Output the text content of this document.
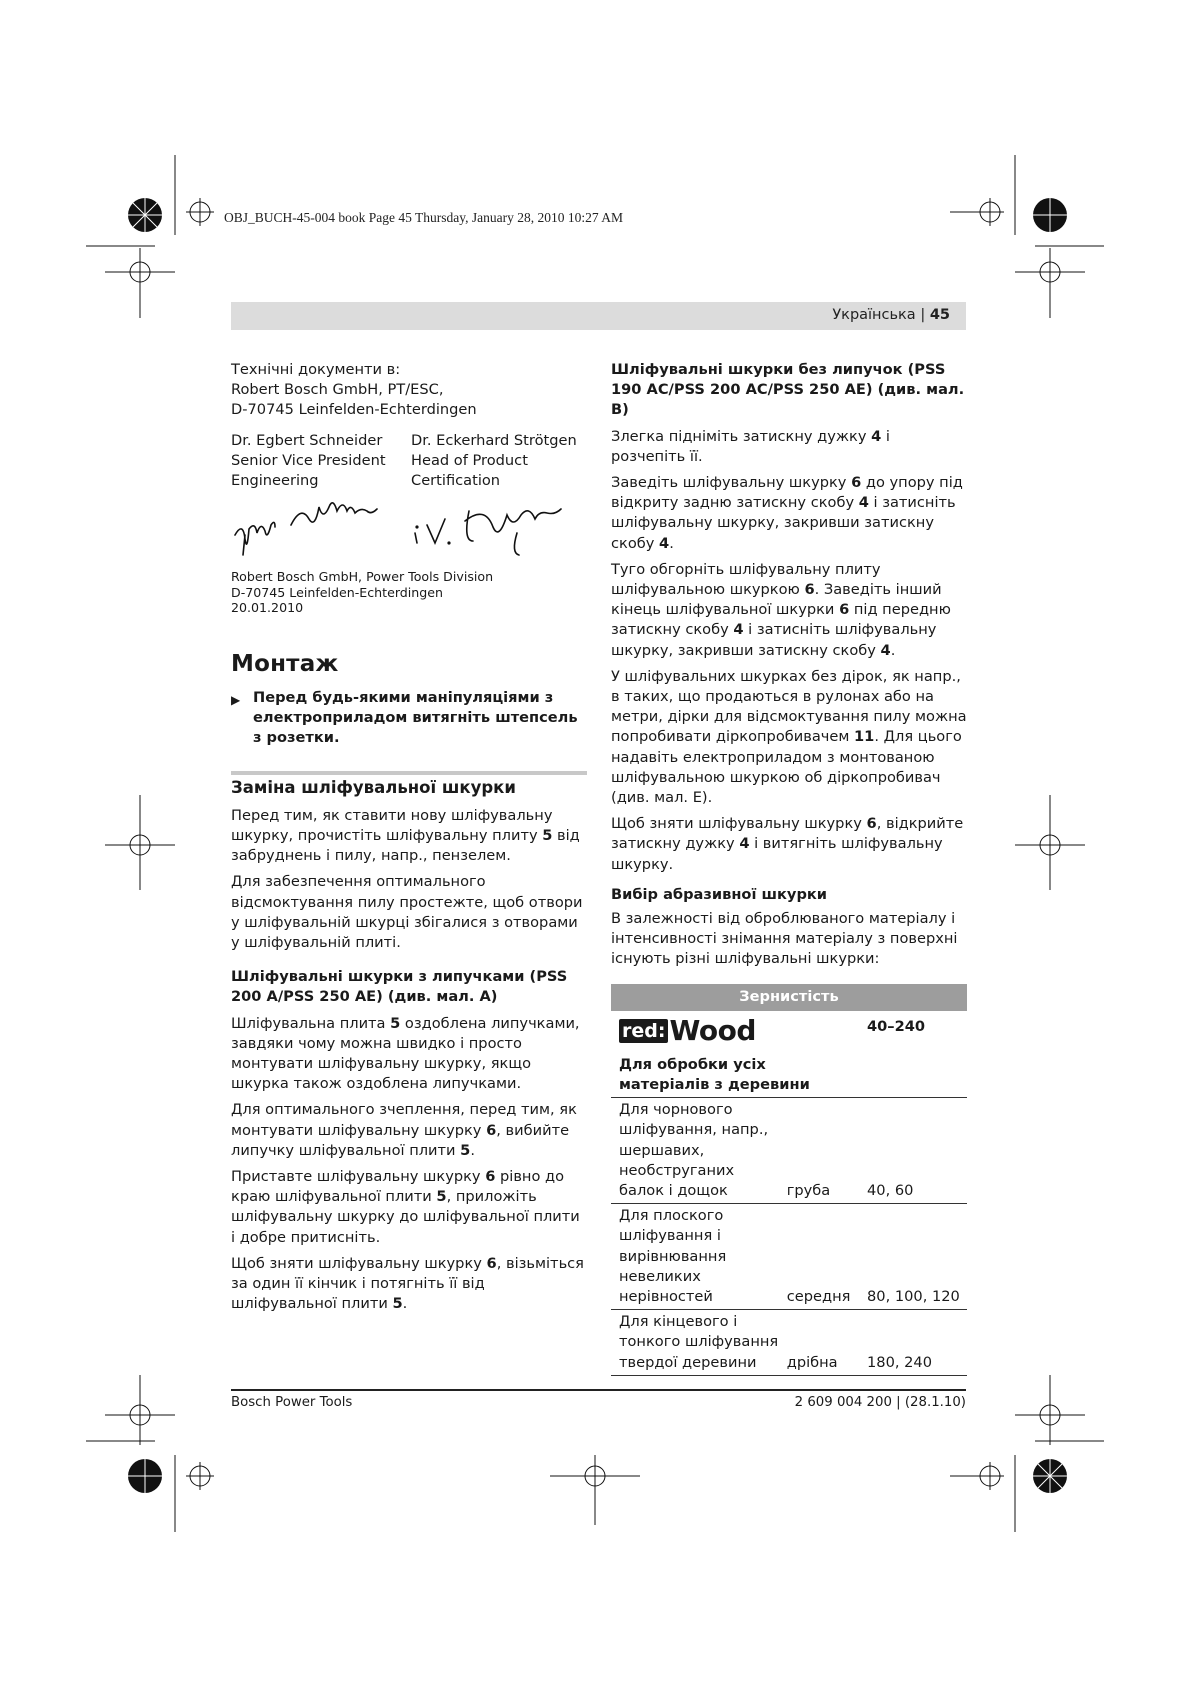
OBJ_BUCH-45-004 book Page 45 Thursday, January 28, 2010 10:27 AM
Українська | 45
Технічні документи в:
Robert Bosch GmbH, PT/ESC,
D-70745 Leinfelden-Echterdingen
Dr. Egbert Schneider
Senior Vice President
Engineering
Dr. Eckerhard Strötgen
Head of Product
Certification
Robert Bosch GmbH, Power Tools Division
D-70745 Leinfelden-Echterdingen
20.01.2010
Монтаж
▶ Перед будь-якими маніпуляціями з електроприладом витягніть штепсель з розетки.
Заміна шліфувальної шкурки

Перед тим, як ставити нову шліфувальну шкурку, прочистіть шліфувальну плиту 5 від забруднень і пилу, напр., пензелем.

Для забезпечення оптимального відсмоктування пилу простежте, щоб отвори у шліфувальній шкурці збігалися з отворами у шліфувальній плиті.

Шліфувальні шкурки з липучками (PSS 200 A/PSS 250 AE) (див. мал. A)

Шліфувальна плита 5 оздоблена липучками, завдяки чому можна швидко і просто монтувати шліфувальну шкурку, якщо шкурка також оздоблена липучками.

Для оптимального зчеплення, перед тим, як монтувати шліфувальну шкурку 6, вибийте липучку шліфувальної плити 5.

Приставте шліфувальну шкурку 6 рівно до краю шліфувальної плити 5, приложіть шліфувальну шкурку до шліфувальної плити і добре притисніть.

Щоб зняти шліфувальну шкурку 6, візьміться за один її кінчик і потягніть її від шліфувальної плити 5.

Шліфувальні шкурки без липучок (PSS 190 AC/PSS 200 AC/PSS 250 AE) (див. мал. B)

Злегка підніміть затискну дужку 4 і розчепіть її.

Заведіть шліфувальну шкурку 6 до упору під відкриту задню затискну скобу 4 і затисніть шліфувальну шкурку, закривши затискну скобу 4.

Туго обгорніть шліфувальну плиту шліфувальною шкуркою 6. Заведіть інший кінець шліфувальної шкурки 6 під передню затискну скобу 4 і затисніть шліфувальну шкурку, закривши затискну скобу 4.

У шліфувальних шкурках без дірок, як напр., в таких, що продаються в рулонах або на метри, дірки для відсмоктування пилу можна попробивати діркопробивачем 11. Для цього надавіть електроприладом з монтованою шліфувальною шкуркою об діркопробивач (див. мал. E).

Щоб зняти шліфувальну шкурку 6, відкрийте затискну дужку 4 і витягніть шліфувальну шкурку.

Вибір абразивної шкурки

В залежності від оброблюваного матеріалу і інтенсивності знімання матеріалу з поверхні існують різні шліфувальні шкурки:

Зернистість		

red: Wood
Для обробки усіх матеріалів з деревини		40–240
Для чорнового шліфування, напр., шершавих, необструганих балок і дощок	груба	40, 60
Для плоского шліфування і вирівнювання невеликих нерівностей	середня	80, 100, 120
Для кінцевого і тонкого шліфування твердої деревини	дрібна	180, 240
Bosch Power Tools	2 609 004 200 | (28.1.10)
